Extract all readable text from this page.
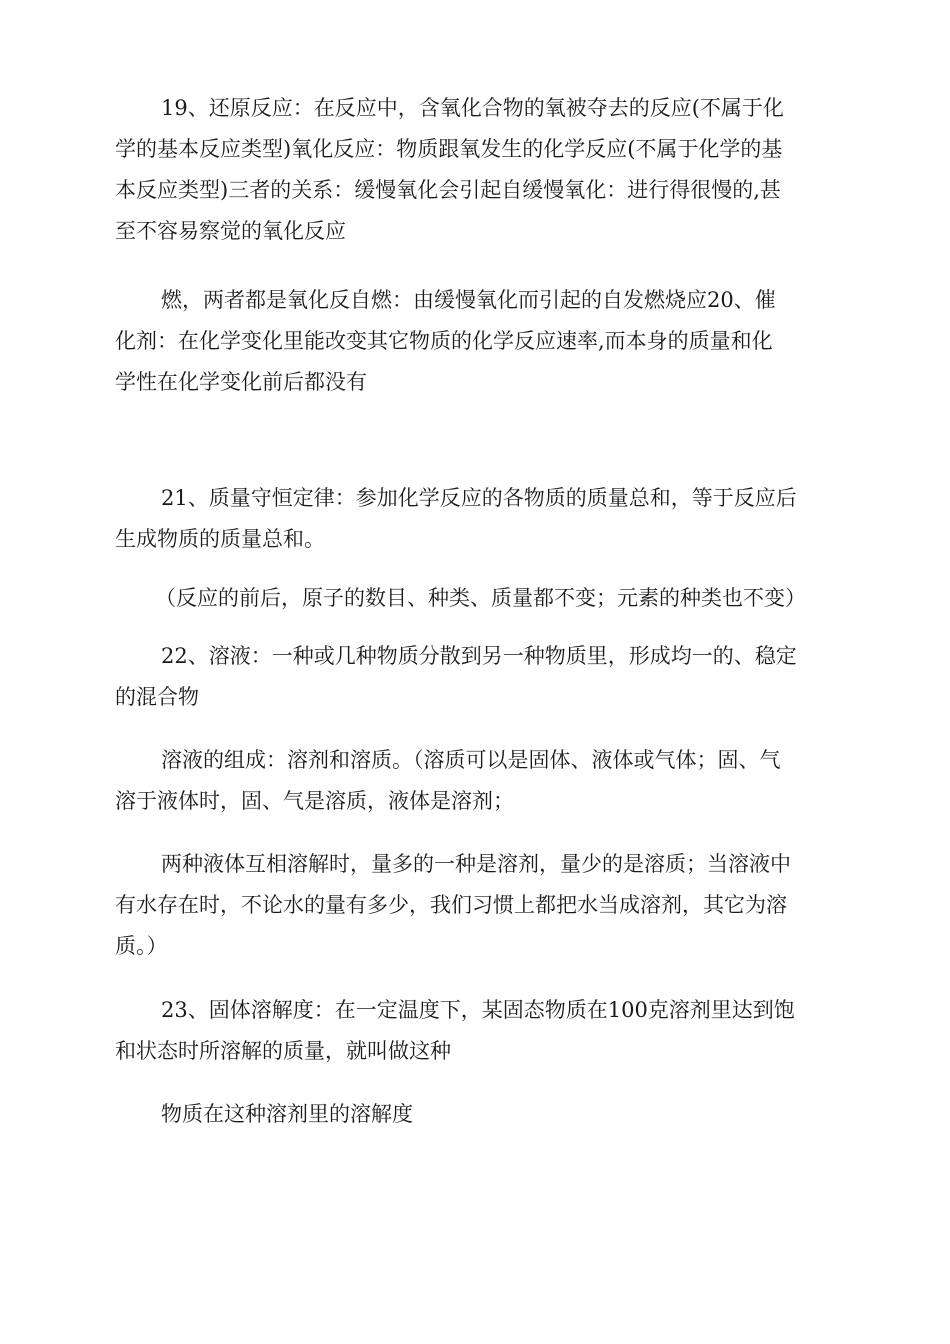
19、还原反应：在反应中，含氧化合物的氧被夺去的反应(不属于化
学的基本反应类型)氧化反应：物质跟氧发生的化学反应(不属于化学的基
本反应类型)三者的关系：缓慢氧化会引起自缓慢氧化：进行得很慢的,甚
至不容易察觉的氧化反应
燃，两者都是氧化反自燃：由缓慢氧化而引起的自发燃烧应20、催
化剂：在化学变化里能改变其它物质的化学反应速率,而本身的质量和化
学性在化学变化前后都没有
21、质量守恒定律：参加化学反应的各物质的质量总和，等于反应后
生成物质的质量总和。
（反应的前后，原子的数目、种类、质量都不变；元素的种类也不变）
22、溶液：一种或几种物质分散到另一种物质里，形成均一的、稳定
的混合物
溶液的组成：溶剂和溶质。（溶质可以是固体、液体或气体；固、气
溶于液体时，固、气是溶质，液体是溶剂；
两种液体互相溶解时，量多的一种是溶剂，量少的是溶质；当溶液中
有水存在时，不论水的量有多少，我们习惯上都把水当成溶剂，其它为溶
质。）
23、固体溶解度：在一定温度下，某固态物质在100克溶剂里达到饱
和状态时所溶解的质量，就叫做这种
物质在这种溶剂里的溶解度
